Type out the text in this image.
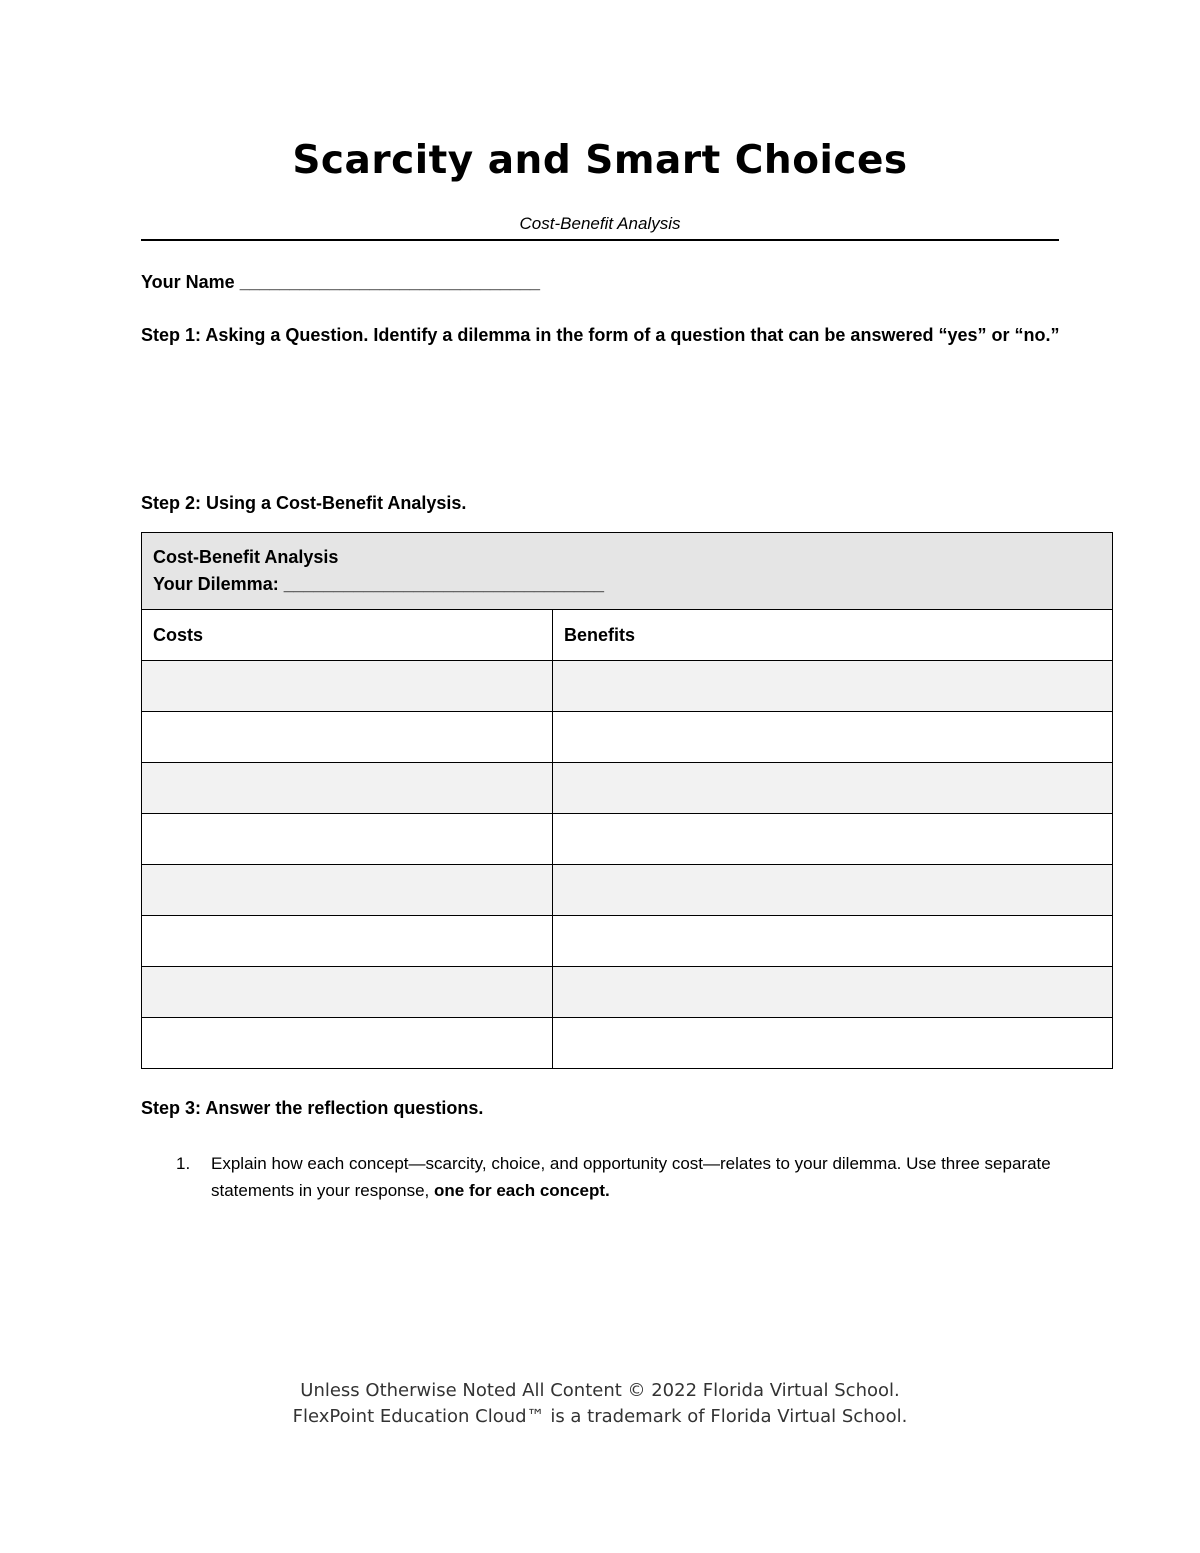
Scarcity and Smart Choices
Cost-Benefit Analysis
Your Name ______________________________
Step 1: Asking a Question. Identify a dilemma in the form of a question that can be answered “yes” or “no.”
Step 2: Using a Cost-Benefit Analysis.
Cost-Benefit Analysis
Your Dilemma: ________________________________	

Costs	Benefits

Step 3: Answer the reflection questions.
1. Explain how each concept—scarcity, choice, and opportunity cost—relates to your dilemma. Use three separate statements in your response, one for each concept.
Unless Otherwise Noted All Content © 2022 Florida Virtual School.
FlexPoint Education Cloud™ is a trademark of Florida Virtual School.
